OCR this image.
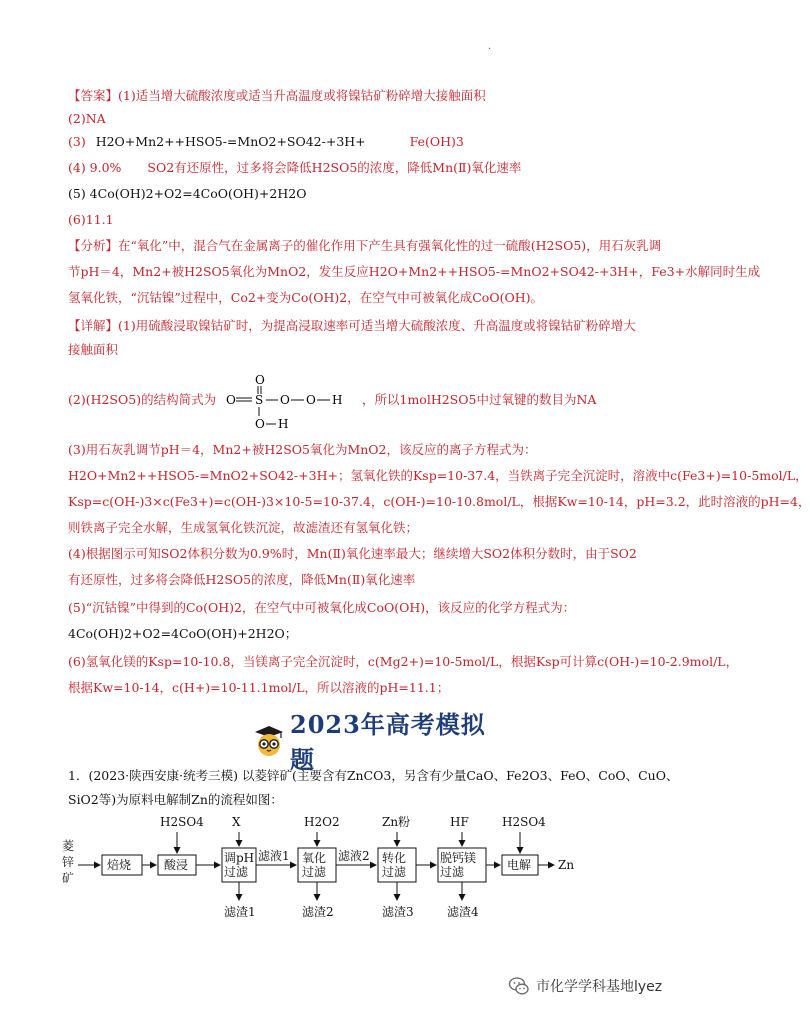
·
【答案】(1)适当增大硫酸浓度或适当升高温度或将镍钴矿粉碎增大接触面积
(2)NA
(3) H2O+Mn2++HSO5-=MnO2+SO42-+3H+	Fe(OH)3
(4) 9.0% SO2有还原性，过多将会降低H2SO5的浓度，降低Mn(Ⅱ)氧化速率
(5) 4Co(OH)2+O2=4CoO(OH)+2H2O
(6)11.1
【分析】在“氧化”中，混合气在金属离子的催化作用下产生具有强氧化性的过一硫酸(H2SO5)，用石灰乳调
节pH＝4，Mn2+被H2SO5氧化为MnO2，发生反应H2O+Mn2++HSO5-=MnO2+SO42-+3H+，Fe3+水解同时生成
氢氧化铁，“沉钴镍”过程中，Co2+变为Co(OH)2，在空气中可被氧化成CoO(OH)。
【详解】(1)用硫酸浸取镍钴矿时，为提高浸取速率可适当增大硫酸浓度、升高温度或将镍钴矿粉碎增大
接触面积
(2)(H2SO5)的结构简式为
O
O S O O H
O H
，所以1molH2SO5中过氧键的数目为NA
(3)用石灰乳调节pH＝4，Mn2+被H2SO5氧化为MnO2，该反应的离子方程式为：
H2O+Mn2++HSO5-=MnO2+SO42-+3H+；氢氧化铁的Ksp=10-37.4，当铁离子完全沉淀时，溶液中c(Fe3+)=10-5mol/L，
Ksp=c(OH-)3×c(Fe3+)=c(OH-)3×10-5=10-37.4，c(OH-)=10-10.8mol/L，根据Kw=10-14，pH=3.2，此时溶液的pH=4，
则铁离子完全水解，生成氢氧化铁沉淀，故滤渣还有氢氧化铁；
(4)根据图示可知SO2体积分数为0.9%时，Mn(Ⅱ)氧化速率最大；继续增大SO2体积分数时，由于SO2
有还原性，过多将会降低H2SO5的浓度，降低Mn(Ⅱ)氧化速率
(5)“沉钴镍”中得到的Co(OH)2，在空气中可被氧化成CoO(OH)，该反应的化学方程式为：
4Co(OH)2+O2=4CoO(OH)+2H2O；
(6)氢氧化镁的Ksp=10-10.8，当镁离子完全沉淀时，c(Mg2+)=10-5mol/L，根据Ksp可计算c(OH-)=10-2.9mol/L，
根据Kw=10-14，c(H+)=10-11.1mol/L，所以溶液的pH=11.1；
2023年高考模拟题
1．(2023·陕西安康·统考三模) 以菱锌矿(主要含有ZnCO3，另含有少量CaO、Fe2O3、FeO、CoO、CuO、
SiO2等)为原料电解制Zn的流程如图：
菱
锌
矿
焙烧	酸浸	调pH 过滤
氧化过滤
转化过滤
脱钙镁过滤	电解
滤液1	滤液2
Zn
H2SO4 X	H2O2	Zn粉	HF	H2SO4
滤渣1	滤渣2	滤渣3	滤渣4
市化学学科基地lyez
